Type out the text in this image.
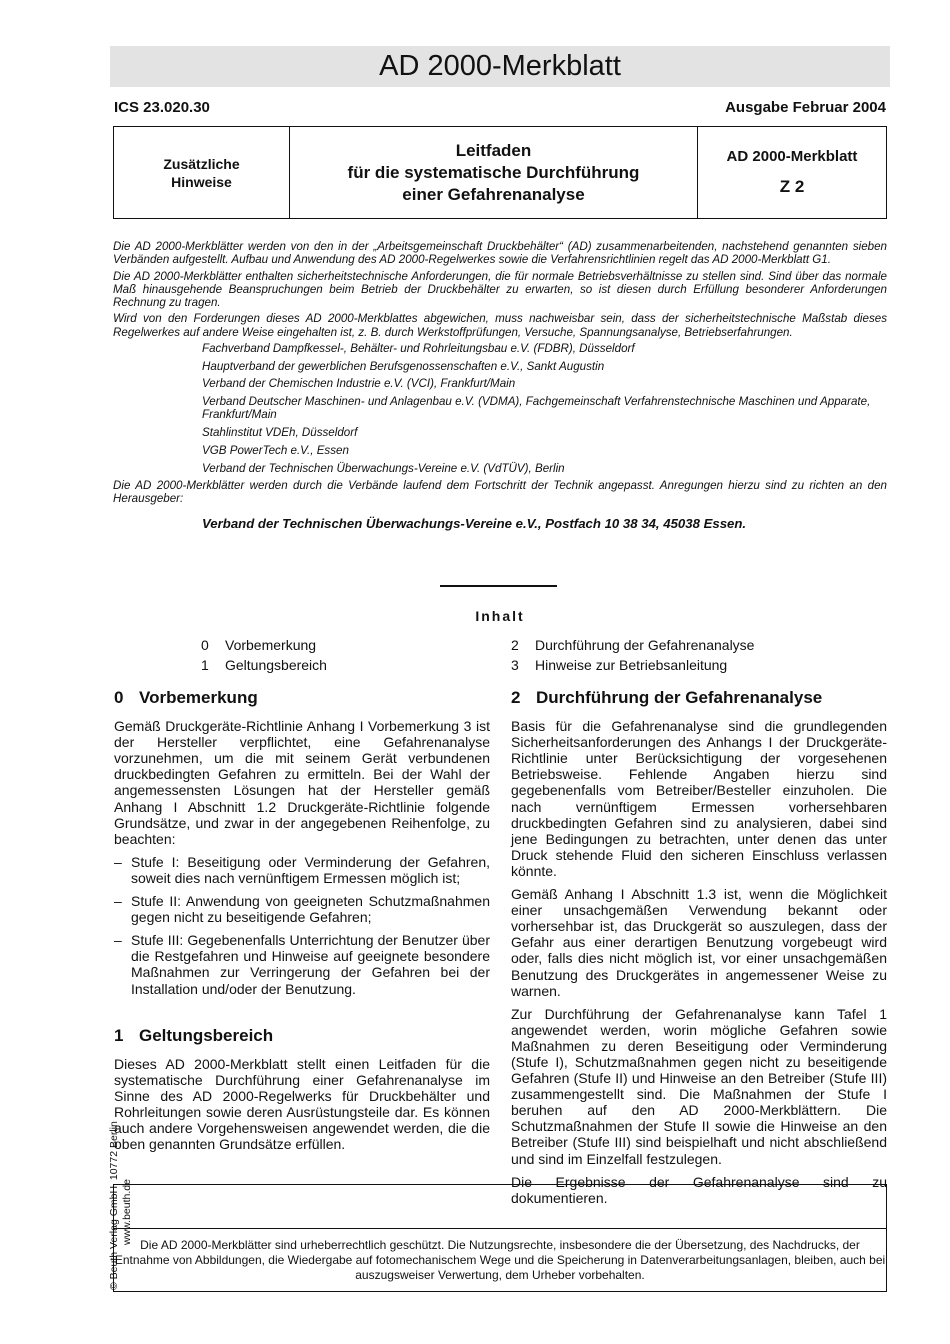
AD 2000-Merkblatt
ICS 23.020.30	Ausgabe Februar 2004
Zusätzliche
Hinweise
Leitfaden
für die systematische Durchführung
einer Gefahrenanalyse
AD 2000-Merkblatt
Z 2

Die AD 2000-Merkblätter werden von den in der „Arbeitsgemeinschaft Druckbehälter“ (AD) zusammenarbeitenden, nachstehend genannten sieben Verbänden aufgestellt. Aufbau und Anwendung des AD 2000-Regelwerkes sowie die Verfahrensrichtlinien regelt das AD 2000-Merkblatt G1.

Die AD 2000-Merkblätter enthalten sicherheitstechnische Anforderungen, die für normale Betriebsverhältnisse zu stellen sind. Sind über das normale Maß hinausgehende Beanspruchungen beim Betrieb der Druckbehälter zu erwarten, so ist diesen durch Erfüllung besonderer Anforderungen Rechnung zu tragen.

Wird von den Forderungen dieses AD 2000-Merkblattes abgewichen, muss nachweisbar sein, dass der sicherheitstechnische Maßstab dieses Regelwerkes auf andere Weise eingehalten ist, z. B. durch Werkstoffprüfungen, Versuche, Spannungsanalyse, Betriebserfahrungen.

Fachverband Dampfkessel-, Behälter- und Rohrleitungsbau e.V. (FDBR), Düsseldorf
Hauptverband der gewerblichen Berufsgenossenschaften e.V., Sankt Augustin
Verband der Chemischen Industrie e.V. (VCI), Frankfurt/Main
Verband Deutscher Maschinen- und Anlagenbau e.V. (VDMA), Fachgemeinschaft Verfahrenstechnische Maschinen und Apparate, Frankfurt/Main
Stahlinstitut VDEh, Düsseldorf
VGB PowerTech e.V., Essen
Verband der Technischen Überwachungs-Vereine e.V. (VdTÜV), Berlin

Die AD 2000-Merkblätter werden durch die Verbände laufend dem Fortschritt der Technik angepasst. Anregungen hierzu sind zu richten an den Herausgeber:

Verband der Technischen Überwachungs-Vereine e.V., Postfach 10 38 34, 45038 Essen.
Inhalt
0 Vorbemerkung
1 Geltungsbereich
2 Durchführung der Gefahrenanalyse
3 Hinweise zur Betriebsanleitung
0 Vorbemerkung

Gemäß Druckgeräte-Richtlinie Anhang I Vorbemerkung 3 ist der Hersteller verpflichtet, eine Gefahrenanalyse vorzunehmen, um die mit seinem Gerät verbundenen druckbedingten Gefahren zu ermitteln. Bei der Wahl der angemessensten Lösungen hat der Hersteller gemäß Anhang I Abschnitt 1.2 Druckgeräte-Richtlinie folgende Grundsätze, und zwar in der angegebenen Reihenfolge, zu beachten:

– Stufe I: Beseitigung oder Verminderung der Gefahren, soweit dies nach vernünftigem Ermessen möglich ist;
– Stufe II: Anwendung von geeigneten Schutzmaßnahmen gegen nicht zu beseitigende Gefahren;
– Stufe III: Gegebenenfalls Unterrichtung der Benutzer über die Restgefahren und Hinweise auf geeignete besondere Maßnahmen zur Verringerung der Gefahren bei der Installation und/oder der Benutzung.
1 Geltungsbereich

Dieses AD 2000-Merkblatt stellt einen Leitfaden für die systematische Durchführung einer Gefahrenanalyse im Sinne des AD 2000-Regelwerks für Druckbehälter und Rohrleitungen sowie deren Ausrüstungsteile dar. Es können auch andere Vorgehensweisen angewendet werden, die die oben genannten Grundsätze erfüllen.

2 Durchführung der Gefahrenanalyse

Basis für die Gefahrenanalyse sind die grundlegenden Sicherheitsanforderungen des Anhangs I der Druckgeräte-Richtlinie unter Berücksichtigung der vorgesehenen Betriebsweise. Fehlende Angaben hierzu sind gegebenenfalls vom Betreiber/Besteller einzuholen. Die nach vernünftigem Ermessen vorhersehbaren druckbedingten Gefahren sind zu analysieren, dabei sind jene Bedingungen zu betrachten, unter denen das unter Druck stehende Fluid den sicheren Einschluss verlassen könnte.

Gemäß Anhang I Abschnitt 1.3 ist, wenn die Möglichkeit einer unsachgemäßen Verwendung bekannt oder vorhersehbar ist, das Druckgerät so auszulegen, dass der Gefahr aus einer derartigen Benutzung vorgebeugt wird oder, falls dies nicht möglich ist, vor einer unsachgemäßen Benutzung des Druckgerätes in angemessener Weise zu warnen.

Zur Durchführung der Gefahrenanalyse kann Tafel 1 angewendet werden, worin mögliche Gefahren sowie Maßnahmen zu deren Beseitigung oder Verminderung (Stufe I), Schutzmaßnahmen gegen nicht zu beseitigende Gefahren (Stufe II) und Hinweise an den Betreiber (Stufe III) zusammengestellt sind. Die Maßnahmen der Stufe I beruhen auf den AD 2000-Merkblättern. Die Schutzmaßnahmen der Stufe II sowie die Hinweise an den Betreiber (Stufe III) sind beispielhaft und nicht abschließend und sind im Einzelfall festzulegen.

Die Ergebnisse der Gefahrenanalyse sind zu dokumentieren.

Die AD 2000-Merkblätter sind urheberrechtlich geschützt. Die Nutzungsrechte, insbesondere die der Übersetzung, des Nachdrucks, der Entnahme von Abbildungen, die Wiedergabe auf fotomechanischem Wege und die Speicherung in Datenverarbeitungsanlagen, bleiben, auch bei auszugsweiser Verwertung, dem Urheber vorbehalten.
© Beuth Verlag GmbH, 10772 Berlin www.beuth.de
